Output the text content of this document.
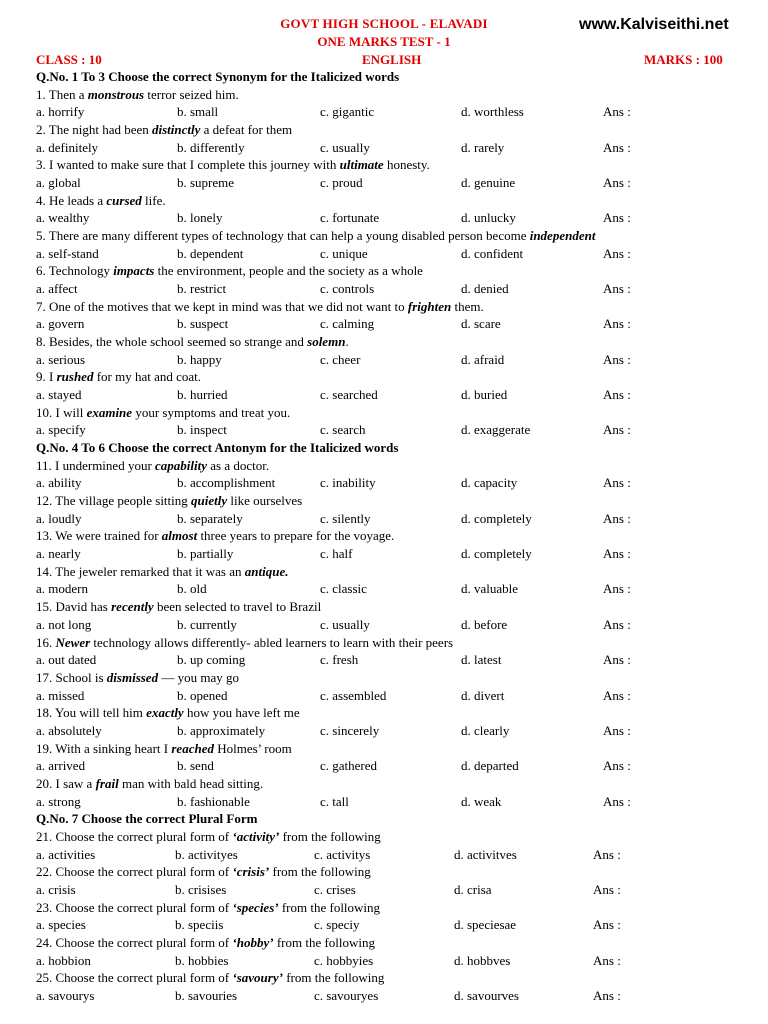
GOVT HIGH SCHOOL - ELAVADI	www.Kalviseithi.net
ONE MARKS TEST - 1
CLASS : 10	ENGLISH	MARKS : 100
Q.No. 1 To 3 Choose the correct Synonym for the Italicized words
1. Then a monstrous terror seized him.
a. horrify	b. small	c. gigantic	d. worthless	Ans :
2. The night had been distinctly a defeat for them
a. definitely	b. differently	c. usually	d. rarely	Ans :
3. I wanted to make sure that I complete this journey with ultimate honesty.
a. global	b. supreme	c. proud	d. genuine	Ans :
4. He leads a cursed life.
a. wealthy	b. lonely	c. fortunate	d. unlucky	Ans :
5. There are many different types of technology that can help a young disabled person become independent
a. self-stand	b. dependent	c. unique	d. confident	Ans :
6. Technology impacts the environment, people and the society as a whole
a. affect	b. restrict	c. controls	d. denied	Ans :
7. One of the motives that we kept in mind was that we did not want to frighten them.
a. govern	b. suspect	c. calming	d. scare	Ans :
8. Besides, the whole school seemed so strange and solemn.
a. serious	b. happy	c. cheer	d. afraid	Ans :
9. I rushed for my hat and coat.
a. stayed	b. hurried	c. searched	d. buried	Ans :
10. I will examine your symptoms and treat you.
a. specify	b. inspect	c. search	d. exaggerate	Ans :
Q.No. 4 To 6 Choose the correct Antonym for the Italicized words
11. I undermined your capability as a doctor.
a. ability	b. accomplishment	c. inability	d. capacity	Ans :
12. The village people sitting quietly like ourselves
a. loudly	b. separately	c. silently	d. completely	Ans :
13. We were trained for almost three years to prepare for the voyage.
a. nearly	b. partially	c. half	d. completely	Ans :
14. The jeweler remarked that it was an antique.
a. modern	b. old	c. classic	d. valuable	Ans :
15. David has recently been selected to travel to Brazil
a. not long	b. currently	c. usually	d. before	Ans :
16. Newer technology allows differently- abled learners to learn with their peers
a. out dated	b. up coming	c. fresh	d. latest	Ans :
17. School is dismissed — you may go
a. missed	b. opened	c. assembled	d. divert	Ans :
18. You will tell him exactly how you have left me
a. absolutely	b. approximately	c. sincerely	d. clearly	Ans :
19. With a sinking heart I reached Holmes’ room
a. arrived	b. send	c. gathered	d. departed	Ans :
20. I saw a frail man with bald head sitting.
a. strong	b. fashionable	c. tall	d. weak	Ans :
Q.No. 7 Choose the correct Plural Form
21. Choose the correct plural form of ‘activity’ from the following
a. activities	b. activityes	c. activitys	d. activitves	Ans :
22. Choose the correct plural form of ‘crisis’ from the following
a. crisis	b. crisises	c. crises	d. crisa	Ans :
23. Choose the correct plural form of ‘species’ from the following
a. species	b. speciis	c. speciy	d. speciesae	Ans :
24. Choose the correct plural form of ‘hobby’ from the following
a. hobbion	b. hobbies	c. hobbyies	d. hobbves	Ans :
25. Choose the correct plural form of ‘savoury’ from the following
a. savourys	b. savouries	c. savouryes	d. savourves	Ans :
